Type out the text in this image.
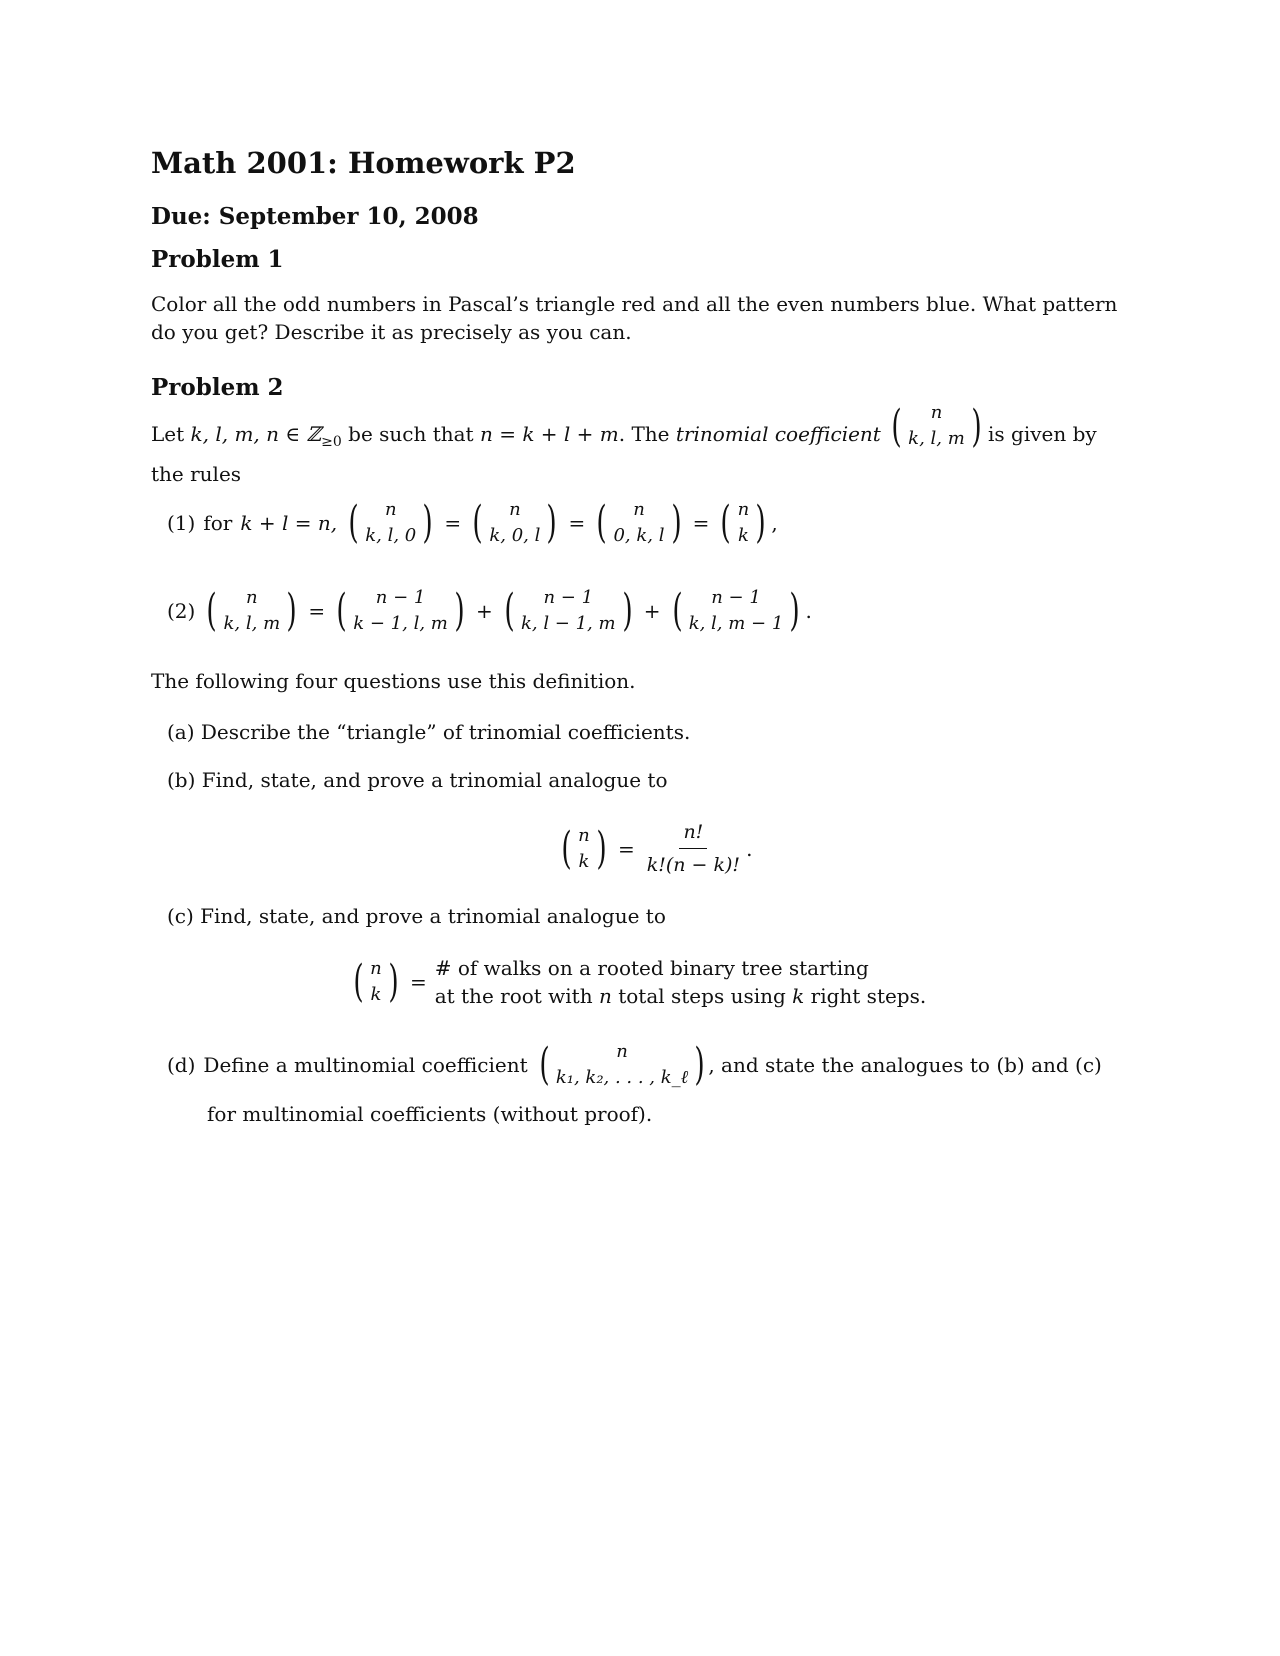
Math 2001: Homework P2
Due: September 10, 2008
Problem 1
Color all the odd numbers in Pascal’s triangle red and all the even numbers blue. What pattern
do you get? Describe it as precisely as you can.
Problem 2
Let k, l, m, n ∈ ℤ$_{\ge 0}$ be such that n = k + l + m. The trinomial coefficient ( n
k, l, m ) is given by
the rules
(1) for k + l = n, ( n
k, l, 0 ) = ( n
k, 0, l ) = ( n
0, k, l ) = ( n
k ) ,
(2) ( n
k, l, m ) = ( n − 1
k − 1, l, m ) + ( n − 1
k, l − 1, m ) + ( n − 1
k, l, m − 1 ) .
The following four questions use this definition.
(a) Describe the “triangle” of trinomial coefficients.
(b) Find, state, and prove a trinomial analogue to
( n
k ) = $\frac{n!}{k!(n - k)!}$ .
(c) Find, state, and prove a trinomial analogue to
( n
k ) =
# of walks on a rooted binary tree starting
at the root with n total steps using k right steps.
(d) Define a multinomial coefficient (	n
k₁, k₂, . . . , k_ℓ ) , and state the analogues to (b) and (c)
for multinomial coefficients (without proof).
